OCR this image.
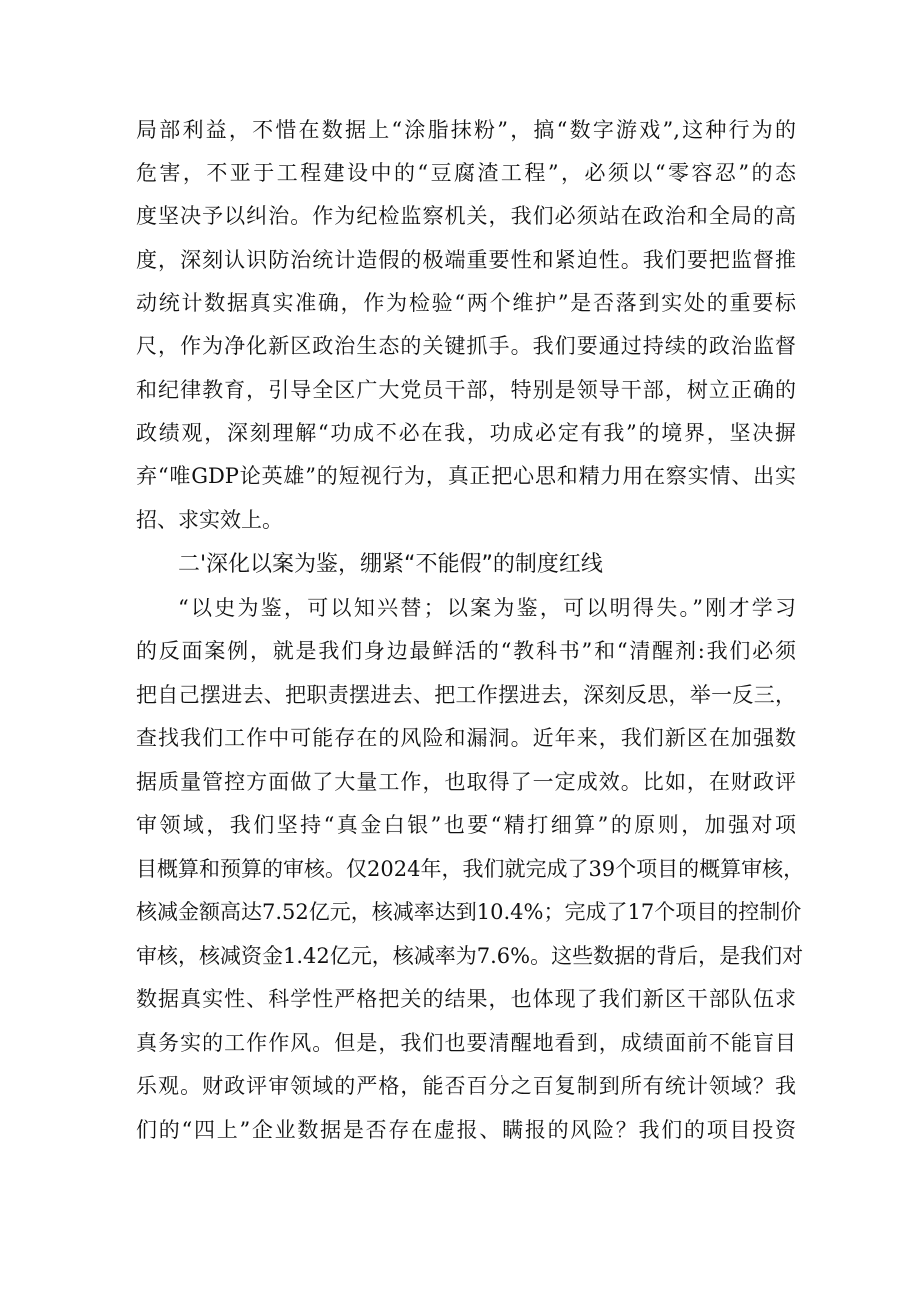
局部利益，不惜在数据上“涂脂抹粉”，搞“数字游戏”,这种行为的
危害，不亚于工程建设中的“豆腐渣工程”，必须以“零容忍”的态
度坚决予以纠治。作为纪检监察机关，我们必须站在政治和全局的高
度，深刻认识防治统计造假的极端重要性和紧迫性。我们要把监督推
动统计数据真实准确，作为检验“两个维护”是否落到实处的重要标
尺，作为净化新区政治生态的关键抓手。我们要通过持续的政治监督
和纪律教育，引导全区广大党员干部，特别是领导干部，树立正确的
政绩观，深刻理解“功成不必在我，功成必定有我”的境界，坚决摒
弃“唯GDP论英雄”的短视行为，真正把心思和精力用在察实情、出实
招、求实效上。
二'深化以案为鉴，绷紧“不能假”的制度红线
“以史为鉴，可以知兴替；以案为鉴，可以明得失。”刚才学习
的反面案例，就是我们身边最鲜活的“教科书”和“清醒剂:我们必须
把自己摆进去、把职责摆进去、把工作摆进去，深刻反思，举一反三，
查找我们工作中可能存在的风险和漏洞。近年来，我们新区在加强数
据质量管控方面做了大量工作，也取得了一定成效。比如，在财政评
审领域，我们坚持“真金白银”也要“精打细算”的原则，加强对项
目概算和预算的审核。仅2024年，我们就完成了39个项目的概算审核，
核减金额高达7.52亿元，核减率达到10.4%；完成了17个项目的控制价
审核，核减资金1.42亿元，核减率为7.6%。这些数据的背后，是我们对
数据真实性、科学性严格把关的结果，也体现了我们新区干部队伍求
真务实的工作作风。但是，我们也要清醒地看到，成绩面前不能盲目
乐观。财政评审领域的严格，能否百分之百复制到所有统计领域？我
们的“四上”企业数据是否存在虚报、瞒报的风险？我们的项目投资
